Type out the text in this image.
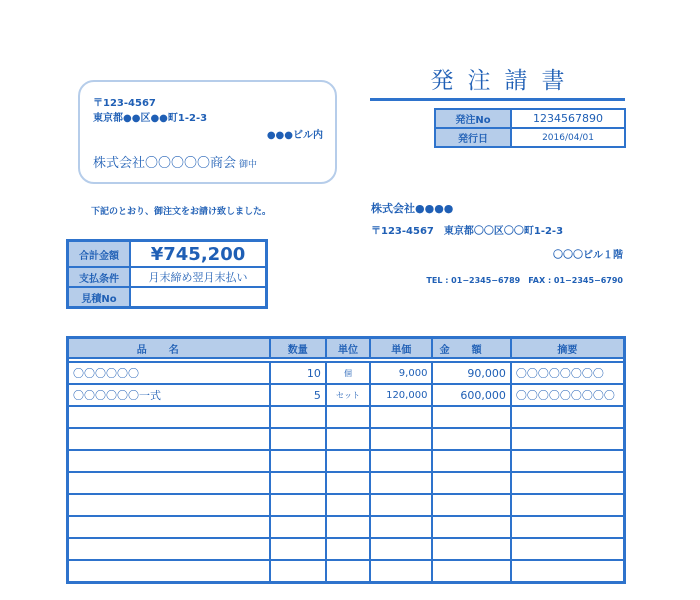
〒123-4567
東京都●●区●●町1-2-3
●●●ビル内
株式会社〇〇〇〇〇商会 御中
下記のとおり、御注文をお請け致しました。
発注請書
発注No	1234567890
発行日	2016/04/01
株式会社●●●●
〒123-4567　東京都〇〇区〇〇町1-2-3
〇〇〇ビル１階
TEL : 01−2345−6789　FAX : 01−2345−6790
合計金額	¥745,200
支払条件	月末締め翌月末払い
見積No	
品名	数量	単位	単価	金額	摘要

〇〇〇〇〇〇	10	個	9,000	90,000	〇〇〇〇〇〇〇〇
〇〇〇〇〇〇一式	5	セット	120,000	600,000	〇〇〇〇〇〇〇〇〇
